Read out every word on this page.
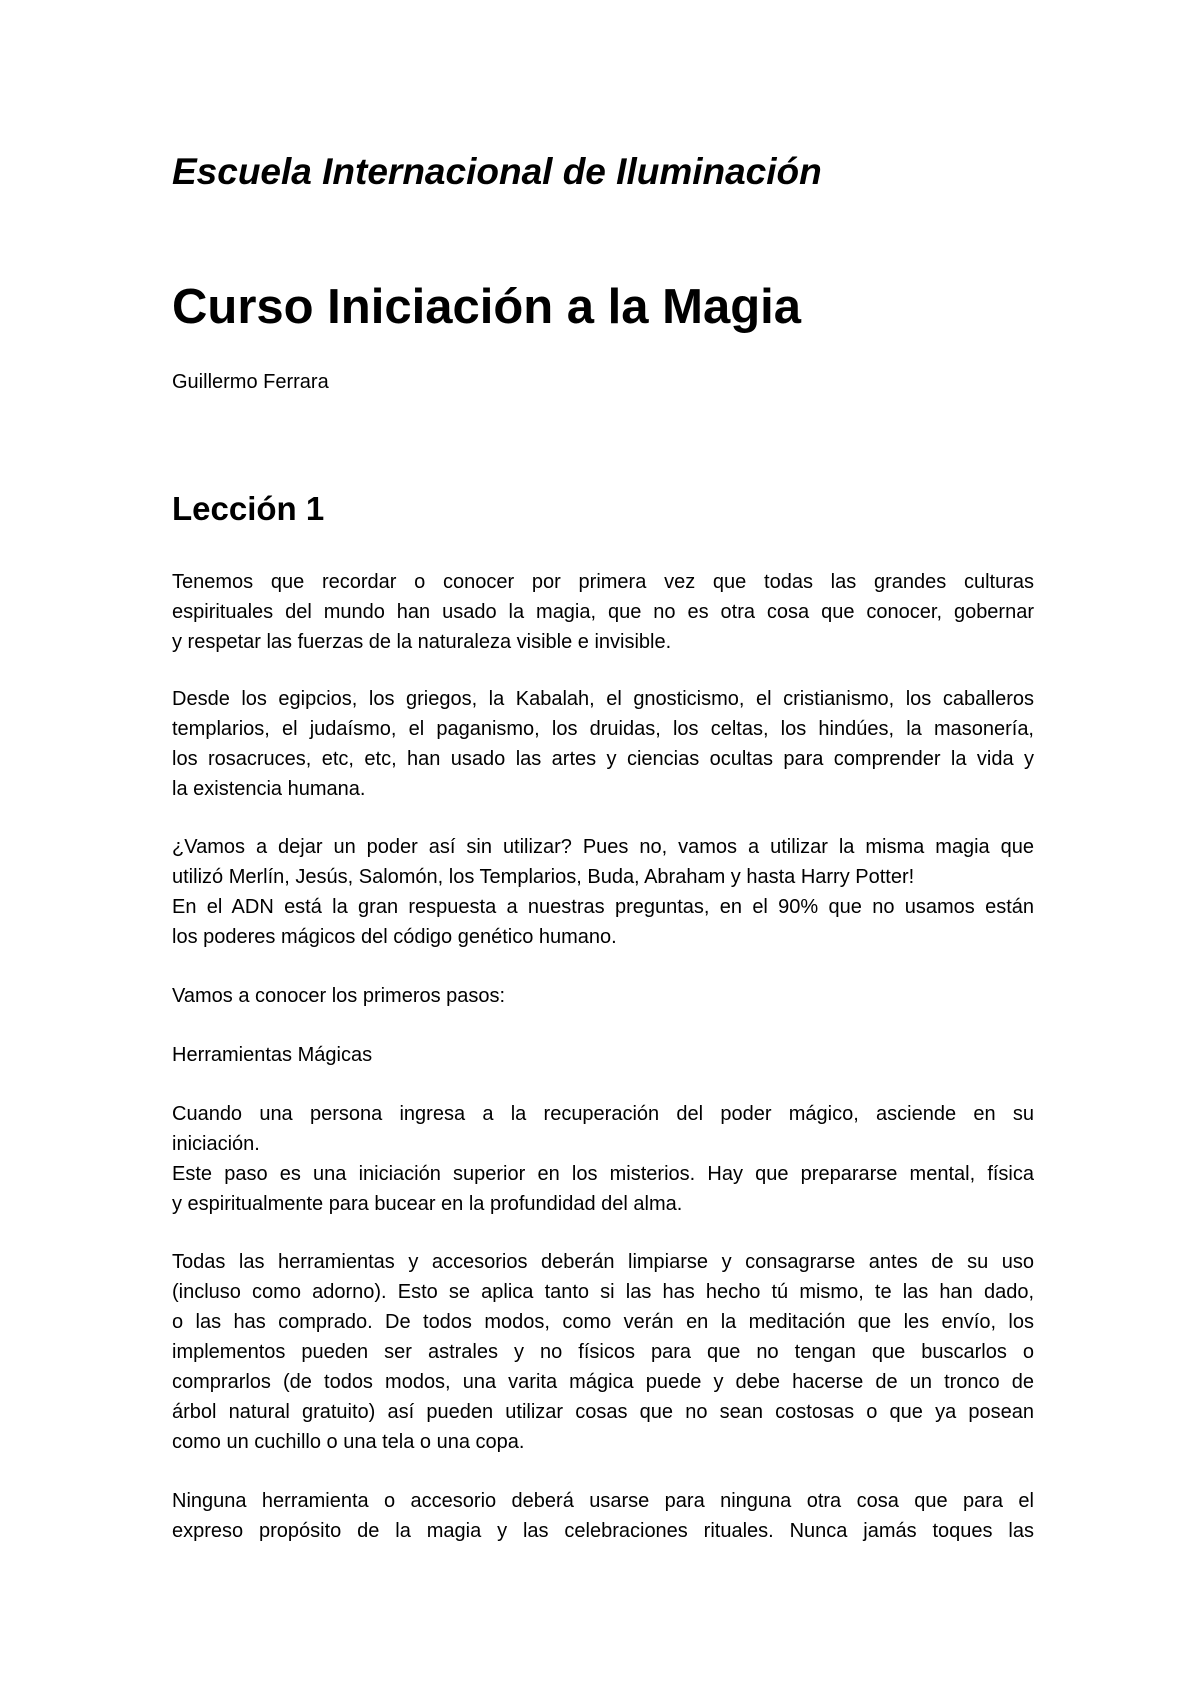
Escuela Internacional de Iluminación
Curso Iniciación a la Magia
Guillermo Ferrara
Lección 1
Tenemos que recordar o conocer por primera vez que todas las grandes culturas
espirituales del mundo han usado la magia, que no es otra cosa que conocer, gobernar
y respetar las fuerzas de la naturaleza visible e invisible.
Desde los egipcios, los griegos, la Kabalah, el gnosticismo, el cristianismo, los caballeros
templarios, el judaísmo, el paganismo, los druidas, los celtas, los hindúes, la masonería,
los rosacruces, etc, etc, han usado las artes y ciencias ocultas para comprender la vida y
la existencia humana.
¿Vamos a dejar un poder así sin utilizar? Pues no, vamos a utilizar la misma magia que
utilizó Merlín, Jesús, Salomón, los Templarios, Buda, Abraham y hasta Harry Potter!
En el ADN está la gran respuesta a nuestras preguntas, en el 90% que no usamos están
los poderes mágicos del código genético humano.
Vamos a conocer los primeros pasos:
Herramientas Mágicas
Cuando una persona ingresa a la recuperación del poder mágico, asciende en su
iniciación.
Este paso es una iniciación superior en los misterios. Hay que prepararse mental, física
y espiritualmente para bucear en la profundidad del alma.
Todas las herramientas y accesorios deberán limpiarse y consagrarse antes de su uso
(incluso como adorno). Esto se aplica tanto si las has hecho tú mismo, te las han dado,
o las has comprado. De todos modos, como verán en la meditación que les envío, los
implementos pueden ser astrales y no físicos para que no tengan que buscarlos o
comprarlos (de todos modos, una varita mágica puede y debe hacerse de un tronco de
árbol natural gratuito) así pueden utilizar cosas que no sean costosas o que ya posean
como un cuchillo o una tela o una copa.
Ninguna herramienta o accesorio deberá usarse para ninguna otra cosa que para el
expreso propósito de la magia y las celebraciones rituales. Nunca jamás toques las
